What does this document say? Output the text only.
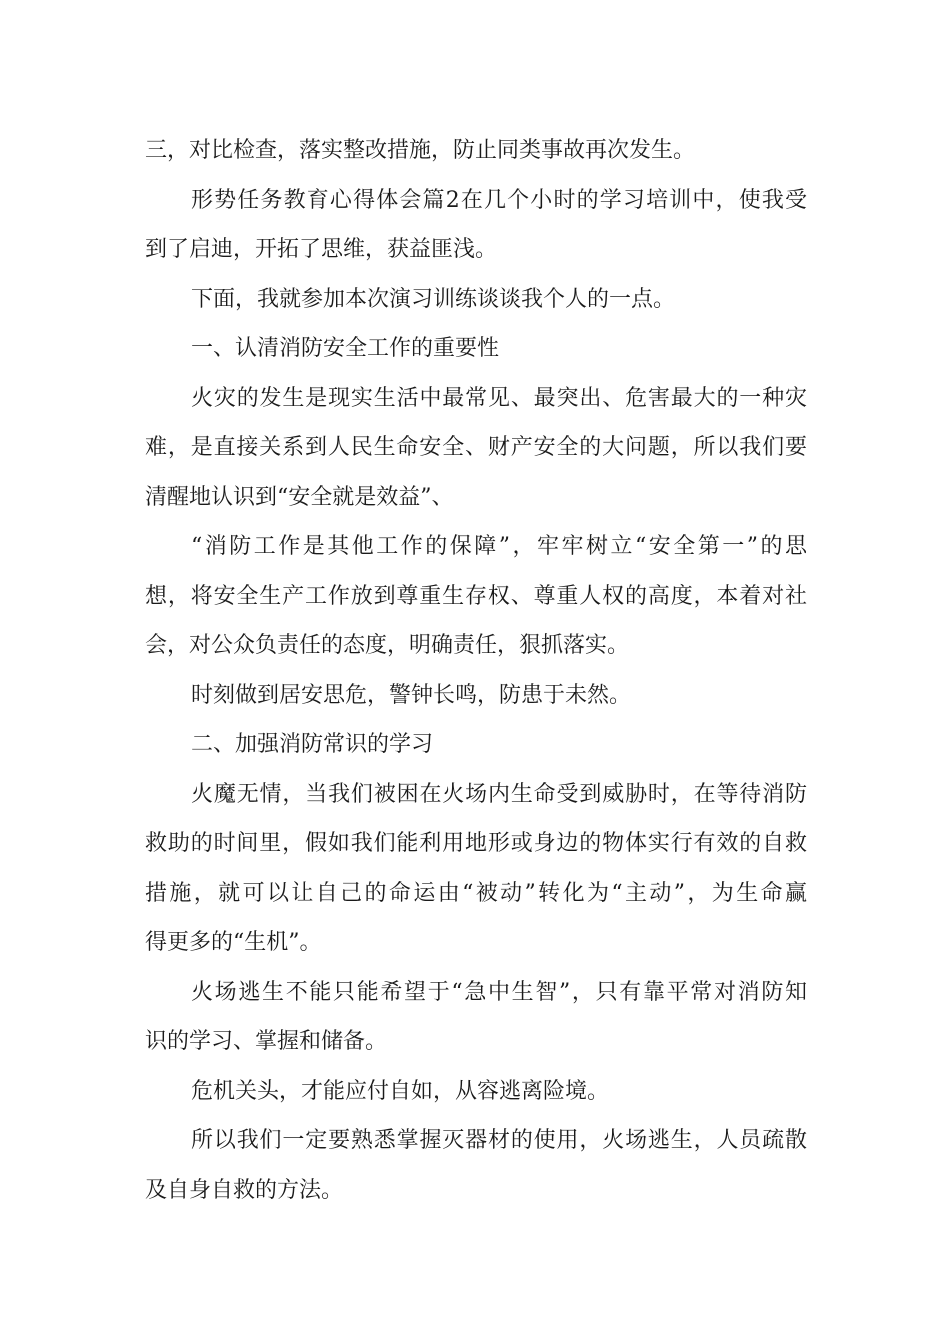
三，对比检查，落实整改措施，防止同类事故再次发生。
形势任务教育心得体会篇2在几个小时的学习培训中，使我受
到了启迪，开拓了思维，获益匪浅。
下面，我就参加本次演习训练谈谈我个人的一点。
一、认清消防安全工作的重要性
火灾的发生是现实生活中最常见、最突出、危害最大的一种灾
难，是直接关系到人民生命安全、财产安全的大问题，所以我们要
清醒地认识到“安全就是效益”、
“消防工作是其他工作的保障”，牢牢树立“安全第一”的思
想，将安全生产工作放到尊重生存权、尊重人权的高度，本着对社
会，对公众负责任的态度，明确责任，狠抓落实。
时刻做到居安思危，警钟长鸣，防患于未然。
二、加强消防常识的学习
火魔无情，当我们被困在火场内生命受到威胁时，在等待消防
救助的时间里，假如我们能利用地形或身边的物体实行有效的自救
措施，就可以让自己的命运由“被动”转化为“主动”，为生命赢
得更多的“生机”。
火场逃生不能只能希望于“急中生智”，只有靠平常对消防知
识的学习、掌握和储备。
危机关头，才能应付自如，从容逃离险境。
所以我们一定要熟悉掌握灭器材的使用，火场逃生，人员疏散
及自身自救的方法。
